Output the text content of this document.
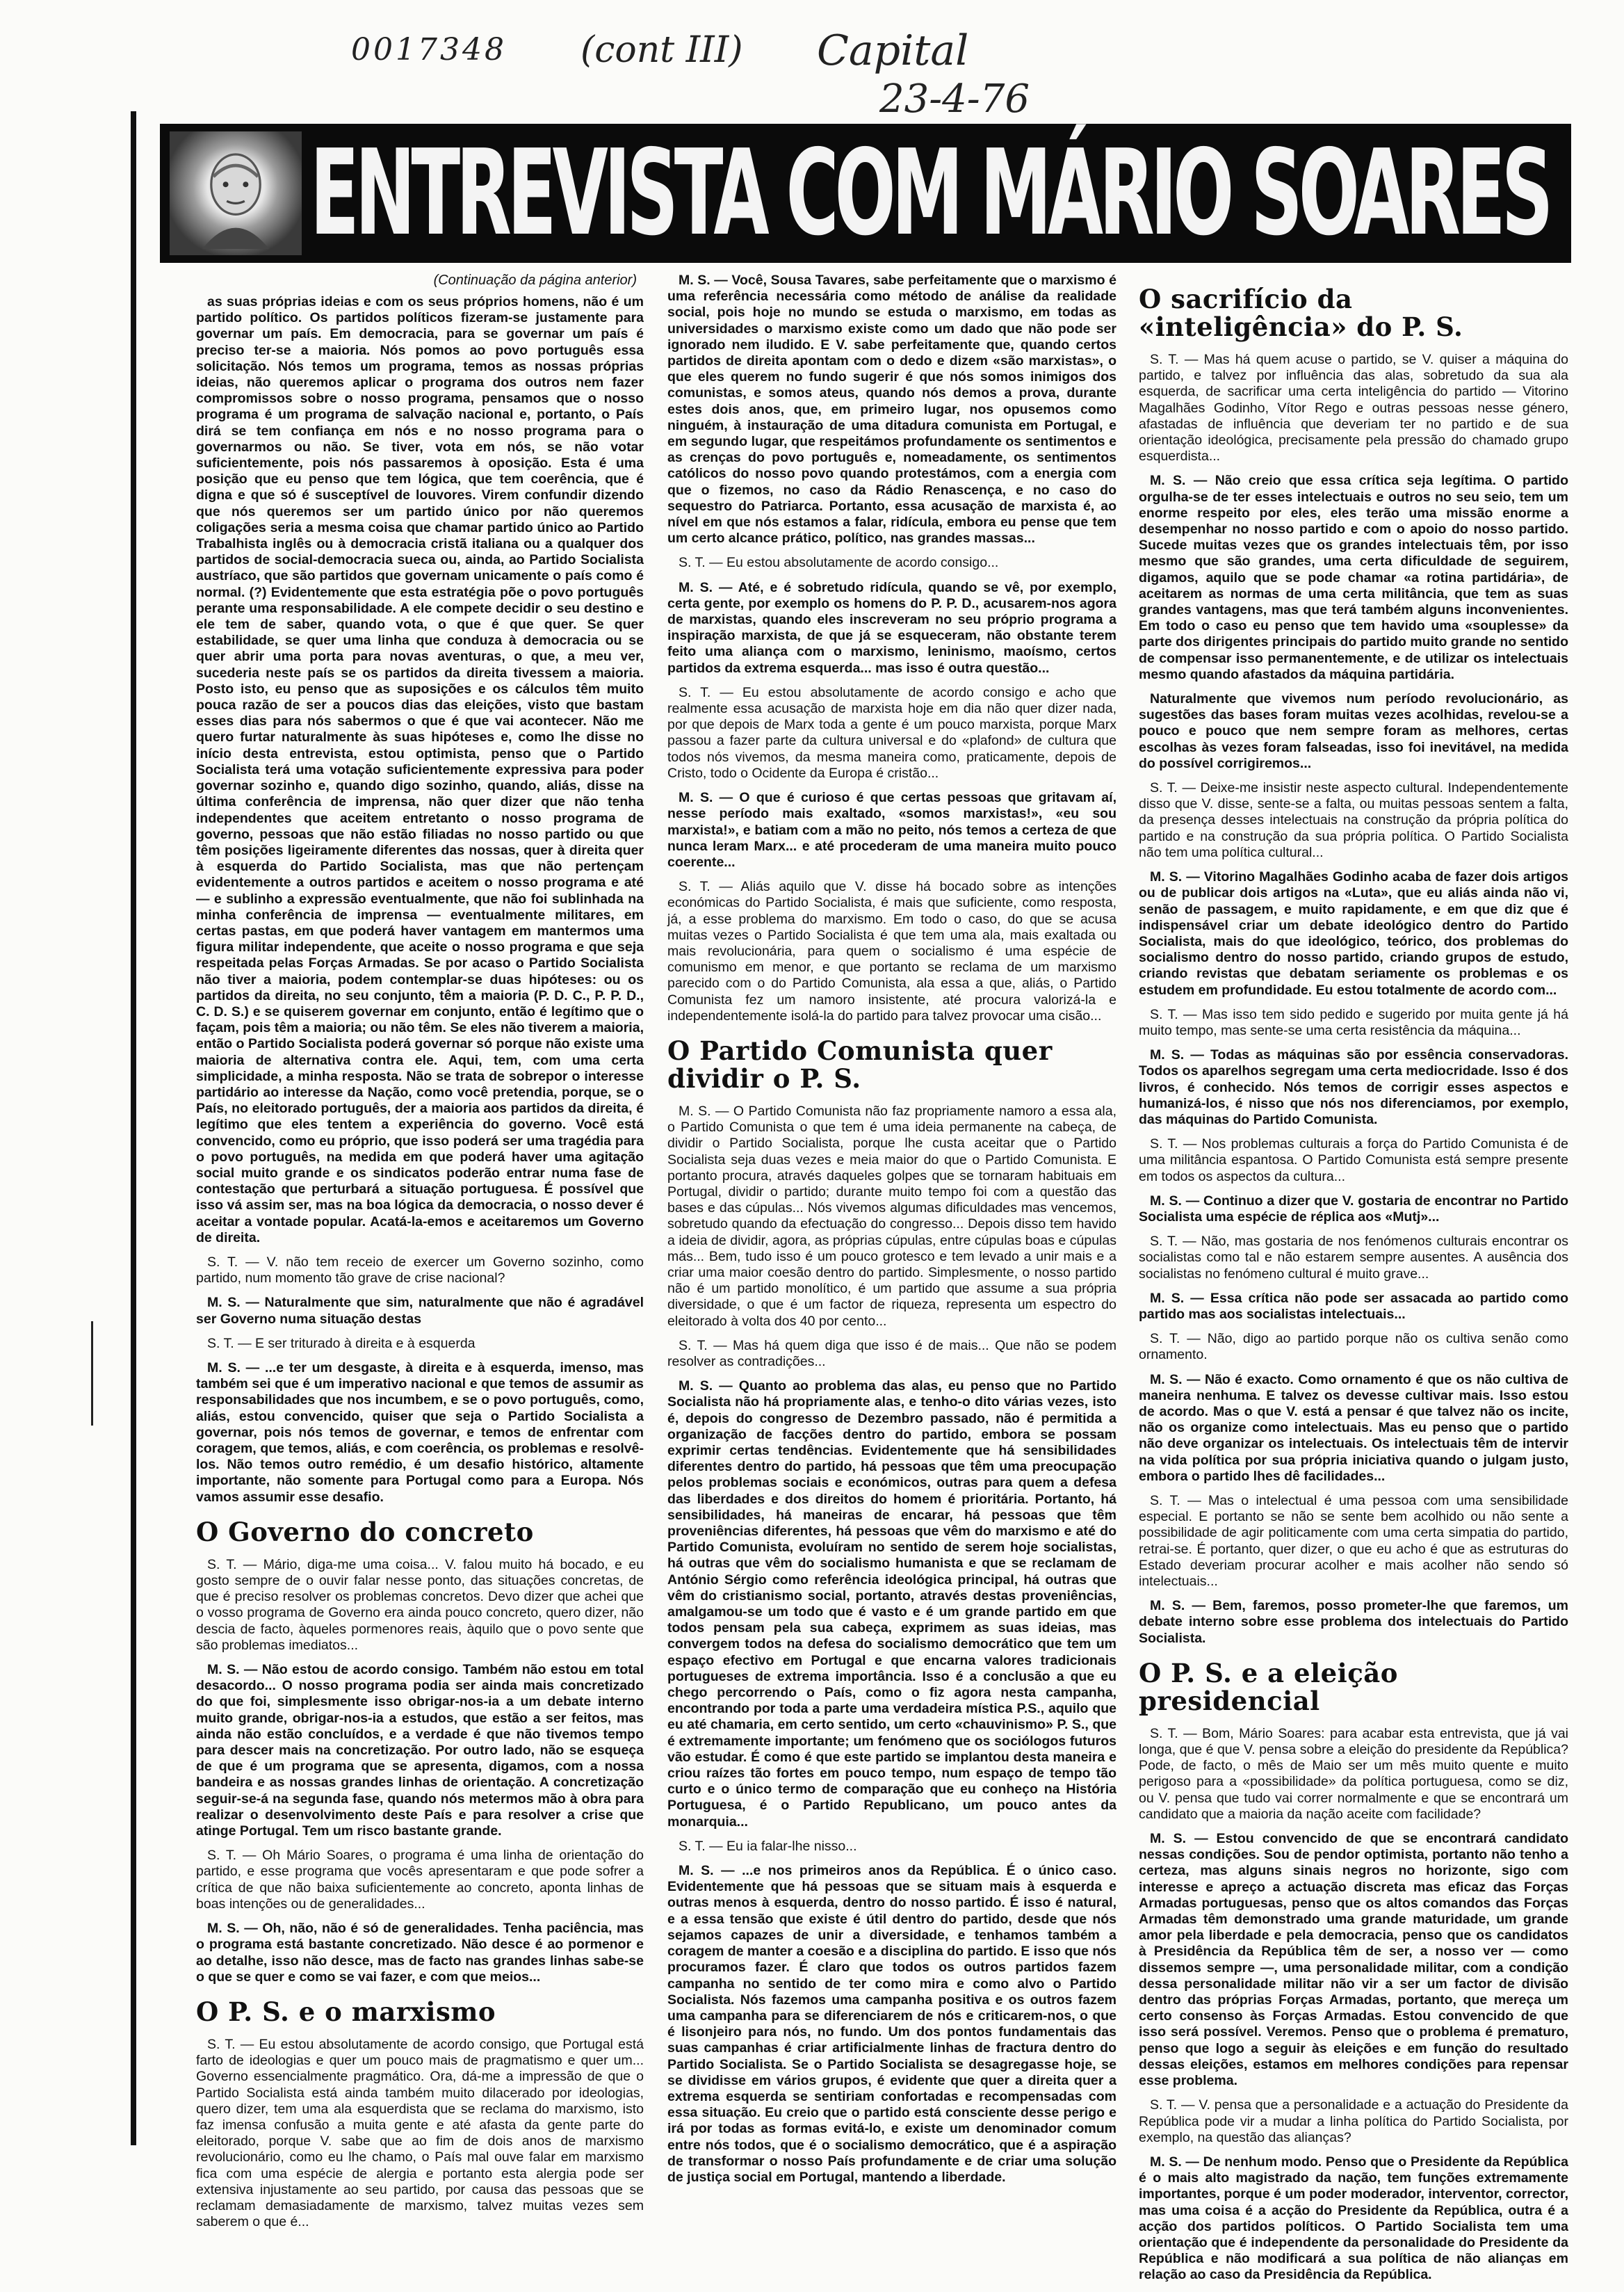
0017348 (cont III) Capital
23-4-76
ENTREVISTA COM MÁRIO SOARES
(Continuação da página anterior)
as suas próprias ideias e com os seus próprios homens, não é um partido político. Os partidos políticos fizeram-se justamente para governar um país. Em democracia, para se governar um país é preciso ter-se a maioria. Nós pomos ao povo português essa solicitação. Nós temos um programa, temos as nossas próprias ideias, não queremos aplicar o programa dos outros nem fazer compromissos sobre o nosso programa, pensamos que o nosso programa é um programa de salvação nacional e, portanto, o País dirá se tem confiança em nós e no nosso programa para o governarmos ou não. Se tiver, vota em nós, se não votar suficientemente, pois nós passaremos à oposição. Esta é uma posição que eu penso que tem lógica, que tem coerência, que é digna e que só é susceptível de louvores. Virem confundir dizendo que nós queremos ser um partido único por não queremos coligações seria a mesma coisa que chamar partido único ao Partido Trabalhista inglês ou à democracia cristã italiana ou a qualquer dos partidos de social-democracia sueca ou, ainda, ao Partido Socialista austríaco, que são partidos que governam unicamente o país como é normal. (?) Evidentemente que esta estratégia põe o povo português perante uma responsabilidade. A ele compete decidir o seu destino e ele tem de saber, quando vota, o que é que quer. Se quer estabilidade, se quer uma linha que conduza à democracia ou se quer abrir uma porta para novas aventuras, o que, a meu ver, sucederia neste país se os partidos da direita tivessem a maioria. Posto isto, eu penso que as suposições e os cálculos têm muito pouca razão de ser a poucos dias das eleições, visto que bastam esses dias para nós sabermos o que é que vai acontecer. Não me quero furtar naturalmente às suas hipóteses e, como lhe disse no início desta entrevista, estou optimista, penso que o Partido Socialista terá uma votação suficientemente expressiva para poder governar sozinho e, quando digo sozinho, quando, aliás, disse na última conferência de imprensa, não quer dizer que não tenha independentes que aceitem entretanto o nosso programa de governo, pessoas que não estão filiadas no nosso partido ou que têm posições ligeiramente diferentes das nossas, quer à direita quer à esquerda do Partido Socialista, mas que não pertençam evidentemente a outros partidos e aceitem o nosso programa e até — e sublinho a expressão eventualmente, que não foi sublinhada na minha conferência de imprensa — eventualmente militares, em certas pastas, em que poderá haver vantagem em mantermos uma figura militar independente, que aceite o nosso programa e que seja respeitada pelas Forças Armadas. Se por acaso o Partido Socialista não tiver a maioria, podem contemplar-se duas hipóteses: ou os partidos da direita, no seu conjunto, têm a maioria (P. D. C., P. P. D., C. D. S.) e se quiserem governar em conjunto, então é legítimo que o façam, pois têm a maioria; ou não têm. Se eles não tiverem a maioria, então o Partido Socialista poderá governar só porque não existe uma maioria de alternativa contra ele. Aqui, tem, com uma certa simplicidade, a minha resposta. Não se trata de sobrepor o interesse partidário ao interesse da Nação, como você pretendia, porque, se o País, no eleitorado português, der a maioria aos partidos da direita, é legítimo que eles tentem a experiência do governo. Você está convencido, como eu próprio, que isso poderá ser uma tragédia para o povo português, na medida em que poderá haver uma agitação social muito grande e os sindicatos poderão entrar numa fase de contestação que perturbará a situação portuguesa. É possível que isso vá assim ser, mas na boa lógica da democracia, o nosso dever é aceitar a vontade popular. Acatá-la-emos e aceitaremos um Governo de direita.
S. T. — V. não tem receio de exercer um Governo sozinho, como partido, num momento tão grave de crise nacional?
M. S. — Naturalmente que sim, naturalmente que não é agradável ser Governo numa situação destas
S. T. — E ser triturado à direita e à esquerda
M. S. — ...e ter um desgaste, à direita e à esquerda, imenso, mas também sei que é um imperativo nacional e que temos de assumir as responsabilidades que nos incumbem, e se o povo português, como, aliás, estou convencido, quiser que seja o Partido Socialista a governar, pois nós temos de governar, e temos de enfrentar com coragem, que temos, aliás, e com coerência, os problemas e resolvê-los. Não temos outro remédio, é um desafio histórico, altamente importante, não somente para Portugal como para a Europa. Nós vamos assumir esse desafio.
O Governo do concreto
S. T. — Mário, diga-me uma coisa... V. falou muito há bocado, e eu gosto sempre de o ouvir falar nesse ponto, das situações concretas, de que é preciso resolver os problemas concretos. Devo dizer que achei que o vosso programa de Governo era ainda pouco concreto, quero dizer, não descia de facto, àqueles pormenores reais, àquilo que o povo sente que são problemas imediatos...
M. S. — Não estou de acordo consigo. Também não estou em total desacordo... O nosso programa podia ser ainda mais concretizado do que foi, simplesmente isso obrigar-nos-ia a um debate interno muito grande, obrigar-nos-ia a estudos, que estão a ser feitos, mas ainda não estão concluídos, e a verdade é que não tivemos tempo para descer mais na concretização. Por outro lado, não se esqueça de que é um programa que se apresenta, digamos, com a nossa bandeira e as nossas grandes linhas de orientação. A concretização seguir-se-á na segunda fase, quando nós metermos mão à obra para realizar o desenvolvimento deste País e para resolver a crise que atinge Portugal. Tem um risco bastante grande.
S. T. — Oh Mário Soares, o programa é uma linha de orientação do partido, e esse programa que vocês apresentaram e que pode sofrer a crítica de que não baixa suficientemente ao concreto, aponta linhas de boas intenções ou de generalidades...
M. S. — Oh, não, não é só de generalidades. Tenha paciência, mas o programa está bastante concretizado. Não desce é ao pormenor e ao detalhe, isso não desce, mas de facto nas grandes linhas sabe-se o que se quer e como se vai fazer, e com que meios...
O P. S. e o marxismo
S. T. — Eu estou absolutamente de acordo consigo, que Portugal está farto de ideologias e quer um pouco mais de pragmatismo e quer um... Governo essencialmente pragmático. Ora, dá-me a impressão de que o Partido Socialista está ainda também muito dilacerado por ideologias, quero dizer, tem uma ala esquerdista que se reclama do marxismo, isto faz imensa confusão a muita gente e até afasta da gente parte do eleitorado, porque V. sabe que ao fim de dois anos de marxismo revolucionário, como eu lhe chamo, o País mal ouve falar em marxismo fica com uma espécie de alergia e portanto esta alergia pode ser extensiva injustamente ao seu partido, por causa das pessoas que se reclamam demasiadamente de marxismo, talvez muitas vezes sem saberem o que é...
M. S. — Você, Sousa Tavares, sabe perfeitamente que o marxismo é uma referência necessária como método de análise da realidade social, pois hoje no mundo se estuda o marxismo, em todas as universidades o marxismo existe como um dado que não pode ser ignorado nem iludido. E V. sabe perfeitamente que, quando certos partidos de direita apontam com o dedo e dizem «são marxistas», o que eles querem no fundo sugerir é que nós somos inimigos dos comunistas, e somos ateus, quando nós demos a prova, durante estes dois anos, que, em primeiro lugar, nos opusemos como ninguém, à instauração de uma ditadura comunista em Portugal, e em segundo lugar, que respeitámos profundamente os sentimentos e as crenças do povo português e, nomeadamente, os sentimentos católicos do nosso povo quando protestámos, com a energia com que o fizemos, no caso da Rádio Renascença, e no caso do sequestro do Patriarca. Portanto, essa acusação de marxista é, ao nível em que nós estamos a falar, ridícula, embora eu pense que tem um certo alcance prático, político, nas grandes massas...
S. T. — Eu estou absolutamente de acordo consigo...
M. S. — Até, e é sobretudo ridícula, quando se vê, por exemplo, certa gente, por exemplo os homens do P. P. D., acusarem-nos agora de marxistas, quando eles inscreveram no seu próprio programa a inspiração marxista, de que já se esqueceram, não obstante terem feito uma aliança com o marxismo, leninismo, maoísmo, certos partidos da extrema esquerda... mas isso é outra questão...
S. T. — Eu estou absolutamente de acordo consigo e acho que realmente essa acusação de marxista hoje em dia não quer dizer nada, por que depois de Marx toda a gente é um pouco marxista, porque Marx passou a fazer parte da cultura universal e do «plafond» de cultura que todos nós vivemos, da mesma maneira como, praticamente, depois de Cristo, todo o Ocidente da Europa é cristão...
M. S. — O que é curioso é que certas pessoas que gritavam aí, nesse período mais exaltado, «somos marxistas!», «eu sou marxista!», e batiam com a mão no peito, nós temos a certeza de que nunca leram Marx... e até procederam de uma maneira muito pouco coerente...
S. T. — Aliás aquilo que V. disse há bocado sobre as intenções económicas do Partido Socialista, é mais que suficiente, como resposta, já, a esse problema do marxismo. Em todo o caso, do que se acusa muitas vezes o Partido Socialista é que tem uma ala, mais exaltada ou mais revolucionária, para quem o socialismo é uma espécie de comunismo em menor, e que portanto se reclama de um marxismo parecido com o do Partido Comunista, ala essa a que, aliás, o Partido Comunista fez um namoro insistente, até procura valorizá-la e independentemente isolá-la do partido para talvez provocar uma cisão...
O Partido Comunista quer dividir o P. S.
M. S. — O Partido Comunista não faz propriamente namoro a essa ala, o Partido Comunista o que tem é uma ideia permanente na cabeça, de dividir o Partido Socialista, porque lhe custa aceitar que o Partido Socialista seja duas vezes e meia maior do que o Partido Comunista. E portanto procura, através daqueles golpes que se tornaram habituais em Portugal, dividir o partido; durante muito tempo foi com a questão das bases e das cúpulas... Nós vivemos algumas dificuldades mas vencemos, sobretudo quando da efectuação do congresso... Depois disso tem havido a ideia de dividir, agora, as próprias cúpulas, entre cúpulas boas e cúpulas más... Bem, tudo isso é um pouco grotesco e tem levado a unir mais e a criar uma maior coesão dentro do partido. Simplesmente, o nosso partido não é um partido monolítico, é um partido que assume a sua própria diversidade, o que é um factor de riqueza, representa um espectro do eleitorado à volta dos 40 por cento...
S. T. — Mas há quem diga que isso é de mais... Que não se podem resolver as contradições...
M. S. — Quanto ao problema das alas, eu penso que no Partido Socialista não há propriamente alas, e tenho-o dito várias vezes, isto é, depois do congresso de Dezembro passado, não é permitida a organização de facções dentro do partido, embora se possam exprimir certas tendências. Evidentemente que há sensibilidades diferentes dentro do partido, há pessoas que têm uma preocupação pelos problemas sociais e económicos, outras para quem a defesa das liberdades e dos direitos do homem é prioritária. Portanto, há sensibilidades, há maneiras de encarar, há pessoas que têm proveniências diferentes, há pessoas que vêm do marxismo e até do Partido Comunista, evoluíram no sentido de serem hoje socialistas, há outras que vêm do socialismo humanista e que se reclamam de António Sérgio como referência ideológica principal, há outras que vêm do cristianismo social, portanto, através destas proveniências, amalgamou-se um todo que é vasto e é um grande partido em que todos pensam pela sua cabeça, exprimem as suas ideias, mas convergem todos na defesa do socialismo democrático que tem um espaço efectivo em Portugal e que encarna valores tradicionais portugueses de extrema importância. Isso é a conclusão a que eu chego percorrendo o País, como o fiz agora nesta campanha, encontrando por toda a parte uma verdadeira mística P.S., aquilo que eu até chamaria, em certo sentido, um certo «chauvinismo» P. S., que é extremamente importante; um fenómeno que os sociólogos futuros vão estudar. É como é que este partido se implantou desta maneira e criou raízes tão fortes em pouco tempo, num espaço de tempo tão curto e o único termo de comparação que eu conheço na História Portuguesa, é o Partido Republicano, um pouco antes da monarquia...
S. T. — Eu ia falar-lhe nisso...
M. S. — ...e nos primeiros anos da República. É o único caso. Evidentemente que há pessoas que se situam mais à esquerda e outras menos à esquerda, dentro do nosso partido. É isso é natural, e a essa tensão que existe é útil dentro do partido, desde que nós sejamos capazes de unir a diversidade, e tenhamos também a coragem de manter a coesão e a disciplina do partido. E isso que nós procuramos fazer. É claro que todos os outros partidos fazem campanha no sentido de ter como mira e como alvo o Partido Socialista. Nós fazemos uma campanha positiva e os outros fazem uma campanha para se diferenciarem de nós e criticarem-nos, o que é lisonjeiro para nós, no fundo. Um dos pontos fundamentais das suas campanhas é criar artificialmente linhas de fractura dentro do Partido Socialista. Se o Partido Socialista se desagregasse hoje, se se dividisse em vários grupos, é evidente que quer a direita quer a extrema esquerda se sentiriam confortadas e recompensadas com essa situação. Eu creio que o partido está consciente desse perigo e irá por todas as formas evitá-lo, e existe um denominador comum entre nós todos, que é o socialismo democrático, que é a aspiração de transformar o nosso País profundamente e de criar uma solução de justiça social em Portugal, mantendo a liberdade.
O sacrifício da «inteligência» do P. S.
S. T. — Mas há quem acuse o partido, se V. quiser a máquina do partido, e talvez por influência das alas, sobretudo da sua ala esquerda, de sacrificar uma certa inteligência do partido — Vitorino Magalhães Godinho, Vítor Rego e outras pessoas nesse género, afastadas de influência que deveriam ter no partido e de sua orientação ideológica, precisamente pela pressão do chamado grupo esquerdista...
M. S. — Não creio que essa crítica seja legítima. O partido orgulha-se de ter esses intelectuais e outros no seu seio, tem um enorme respeito por eles, eles terão uma missão enorme a desempenhar no nosso partido e com o apoio do nosso partido. Sucede muitas vezes que os grandes intelectuais têm, por isso mesmo que são grandes, uma certa dificuldade de seguirem, digamos, aquilo que se pode chamar «a rotina partidária», de aceitarem as normas de uma certa militância, que tem as suas grandes vantagens, mas que terá também alguns inconvenientes. Em todo o caso eu penso que tem havido uma «souplesse» da parte dos dirigentes principais do partido muito grande no sentido de compensar isso permanentemente, e de utilizar os intelectuais mesmo quando afastados da máquina partidária.
Naturalmente que vivemos num período revolucionário, as sugestões das bases foram muitas vezes acolhidas, revelou-se a pouco e pouco que nem sempre foram as melhores, certas escolhas às vezes foram falseadas, isso foi inevitável, na medida do possível corrigiremos...
S. T. — Deixe-me insistir neste aspecto cultural. Independentemente disso que V. disse, sente-se a falta, ou muitas pessoas sentem a falta, da presença desses intelectuais na construção da própria política do partido e na construção da sua própria política. O Partido Socialista não tem uma política cultural...
M. S. — Vitorino Magalhães Godinho acaba de fazer dois artigos ou de publicar dois artigos na «Luta», que eu aliás ainda não vi, senão de passagem, e muito rapidamente, e em que diz que é indispensável criar um debate ideológico dentro do Partido Socialista, mais do que ideológico, teórico, dos problemas do socialismo dentro do nosso partido, criando grupos de estudo, criando revistas que debatam seriamente os problemas e os estudem em profundidade. Eu estou totalmente de acordo com...
S. T. — Mas isso tem sido pedido e sugerido por muita gente já há muito tempo, mas sente-se uma certa resistência da máquina...
M. S. — Todas as máquinas são por essência conservadoras. Todos os aparelhos segregam uma certa mediocridade. Isso é dos livros, é conhecido. Nós temos de corrigir esses aspectos e humanizá-los, é nisso que nós nos diferenciamos, por exemplo, das máquinas do Partido Comunista.
S. T. — Nos problemas culturais a força do Partido Comunista é de uma militância espantosa. O Partido Comunista está sempre presente em todos os aspectos da cultura...
M. S. — Continuo a dizer que V. gostaria de encontrar no Partido Socialista uma espécie de réplica aos «Mutj»...
S. T. — Não, mas gostaria de nos fenómenos culturais encontrar os socialistas como tal e não estarem sempre ausentes. A ausência dos socialistas no fenómeno cultural é muito grave...
M. S. — Essa crítica não pode ser assacada ao partido como partido mas aos socialistas intelectuais...
S. T. — Não, digo ao partido porque não os cultiva senão como ornamento.
M. S. — Não é exacto. Como ornamento é que os não cultiva de maneira nenhuma. E talvez os devesse cultivar mais. Isso estou de acordo. Mas o que V. está a pensar é que talvez não os incite, não os organize como intelectuais. Mas eu penso que o partido não deve organizar os intelectuais. Os intelectuais têm de intervir na vida política por sua própria iniciativa quando o julgam justo, embora o partido lhes dê facilidades...
S. T. — Mas o intelectual é uma pessoa com uma sensibilidade especial. E portanto se não se sente bem acolhido ou não sente a possibilidade de agir politicamente com uma certa simpatia do partido, retrai-se. É portanto, quer dizer, o que eu acho é que as estruturas do Estado deveriam procurar acolher e mais acolher não sendo só intelectuais...
M. S. — Bem, faremos, posso prometer-lhe que faremos, um debate interno sobre esse problema dos intelectuais do Partido Socialista.
O P. S. e a eleição presidencial
S. T. — Bom, Mário Soares: para acabar esta entrevista, que já vai longa, que é que V. pensa sobre a eleição do presidente da República? Pode, de facto, o mês de Maio ser um mês muito quente e muito perigoso para a «possibilidade» da política portuguesa, como se diz, ou V. pensa que tudo vai correr normalmente e que se encontrará um candidato que a maioria da nação aceite com facilidade?
M. S. — Estou convencido de que se encontrará candidato nessas condições. Sou de pendor optimista, portanto não tenho a certeza, mas alguns sinais negros no horizonte, sigo com interesse e apreço a actuação discreta mas eficaz das Forças Armadas portuguesas, penso que os altos comandos das Forças Armadas têm demonstrado uma grande maturidade, um grande amor pela liberdade e pela democracia, penso que os candidatos à Presidência da República têm de ser, a nosso ver — como dissemos sempre —, uma personalidade militar, com a condição dessa personalidade militar não vir a ser um factor de divisão dentro das próprias Forças Armadas, portanto, que mereça um certo consenso às Forças Armadas. Estou convencido de que isso será possível. Veremos. Penso que o problema é prematuro, penso que logo a seguir às eleições e em função do resultado dessas eleições, estamos em melhores condições para repensar esse problema.
S. T. — V. pensa que a personalidade e a actuação do Presidente da República pode vir a mudar a linha política do Partido Socialista, por exemplo, na questão das alianças?
M. S. — De nenhum modo. Penso que o Presidente da República é o mais alto magistrado da nação, tem funções extremamente importantes, porque é um poder moderador, interventor, corrector, mas uma coisa é a acção do Presidente da República, outra é a acção dos partidos políticos. O Partido Socialista tem uma orientação que é independente da personalidade do Presidente da República e não modificará a sua política de não alianças em relação ao caso da Presidência da República.
